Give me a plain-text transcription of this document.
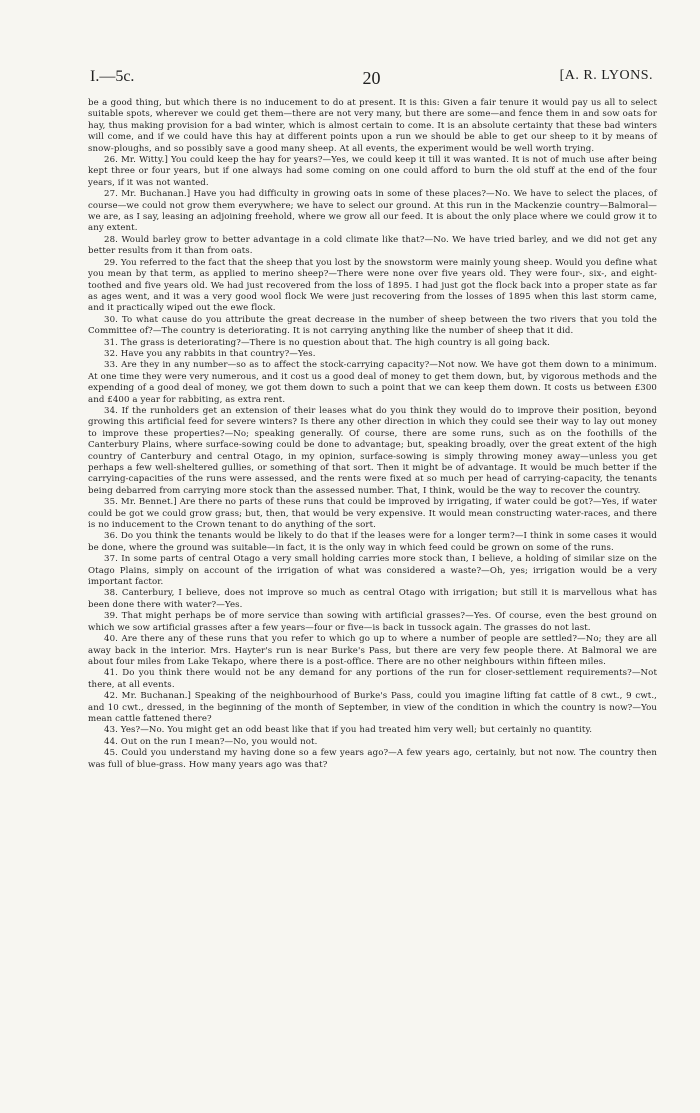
I.—5c.	20	[A. R. LYONS.

be a good thing, but which there is no inducement to do at present. It is this: Given a fair tenure it would pay us all to select suitable spots, wherever we could get them—there are not very many, but there are some—and fence them in and sow oats for hay, thus making provision for a bad winter, which is almost certain to come. It is an absolute certainty that these bad winters will come, and if we could have this hay at different points upon a run we should be able to get our sheep to it by means of snow-ploughs, and so possibly save a good many sheep. At all events, the experiment would be well worth trying.

26. Mr. Witty.] You could keep the hay for years?—Yes, we could keep it till it was wanted. It is not of much use after being kept three or four years, but if one always had some coming on one could afford to burn the old stuff at the end of the four years, if it was not wanted.

27. Mr. Buchanan.] Have you had difficulty in growing oats in some of these places?—No. We have to select the places, of course—we could not grow them everywhere; we have to select our ground. At this run in the Mackenzie country—Balmoral—we are, as I say, leasing an adjoining freehold, where we grow all our feed. It is about the only place where we could grow it to any extent.

28. Would barley grow to better advantage in a cold climate like that?—No. We have tried barley, and we did not get any better results from it than from oats.

29. You referred to the fact that the sheep that you lost by the snowstorm were mainly young sheep. Would you define what you mean by that term, as applied to merino sheep?—There were none over five years old. They were four-, six-, and eight-toothed and five years old. We had just recovered from the loss of 1895. I had just got the flock back into a proper state as far as ages went, and it was a very good wool flock We were just recovering from the losses of 1895 when this last storm came, and it practically wiped out the ewe flock.

30. To what cause do you attribute the great decrease in the number of sheep between the two rivers that you told the Committee of?—The country is deteriorating. It is not carrying anything like the number of sheep that it did.

31. The grass is deteriorating?—There is no question about that. The high country is all going back.

32. Have you any rabbits in that country?—Yes.

33. Are they in any number—so as to affect the stock-carrying capacity?—Not now. We have got them down to a minimum. At one time they were very numerous, and it cost us a good deal of money to get them down, but, by vigorous methods and the expending of a good deal of money, we got them down to such a point that we can keep them down. It costs us between £300 and £400 a year for rabbiting, as extra rent.

34. If the runholders get an extension of their leases what do you think they would do to improve their position, beyond growing this artificial feed for severe winters? Is there any other direction in which they could see their way to lay out money to improve these properties?—No; speaking generally. Of course, there are some runs, such as on the foothills of the Canterbury Plains, where surface-sowing could be done to advantage; but, speaking broadly, over the great extent of the high country of Canterbury and central Otago, in my opinion, surface-sowing is simply throwing money away—unless you get perhaps a few well-sheltered gullies, or something of that sort. Then it might be of advantage. It would be much better if the carrying-capacities of the runs were assessed, and the rents were fixed at so much per head of carrying-capacity, the tenants being debarred from carrying more stock than the assessed number. That, I think, would be the way to recover the country.

35. Mr. Bennet.] Are there no parts of these runs that could be improved by irrigating, if water could be got?—Yes, if water could be got we could grow grass; but, then, that would be very expensive. It would mean constructing water-races, and there is no inducement to the Crown tenant to do anything of the sort.

36. Do you think the tenants would be likely to do that if the leases were for a longer term?—I think in some cases it would be done, where the ground was suitable—in fact, it is the only way in which feed could be grown on some of the runs.

37. In some parts of central Otago a very small holding carries more stock than, I believe, a holding of similar size on the Otago Plains, simply on account of the irrigation of what was considered a waste?—Oh, yes; irrigation would be a very important factor.

38. Canterbury, I believe, does not improve so much as central Otago with irrigation; but still it is marvellous what has been done there with water?—Yes.

39. That might perhaps be of more service than sowing with artificial grasses?—Yes. Of course, even the best ground on which we sow artificial grasses after a few years—four or five—is back in tussock again. The grasses do not last.

40. Are there any of these runs that you refer to which go up to where a number of people are settled?—No; they are all away back in the interior. Mrs. Hayter's run is near Burke's Pass, but there are very few people there. At Balmoral we are about four miles from Lake Tekapo, where there is a post-office. There are no other neighbours within fifteen miles.

41. Do you think there would not be any demand for any portions of the run for closer-settlement requirements?—Not there, at all events.

42. Mr. Buchanan.] Speaking of the neighbourhood of Burke's Pass, could you imagine lifting fat cattle of 8 cwt., 9 cwt., and 10 cwt., dressed, in the beginning of the month of September, in view of the condition in which the country is now?—You mean cattle fattened there?

43. Yes?—No. You might get an odd beast like that if you had treated him very well; but certainly no quantity.

44. Out on the run I mean?—No, you would not.

45. Could you understand my having done so a few years ago?—A few years ago, certainly, but not now. The country then was full of blue-grass. How many years ago was that?
